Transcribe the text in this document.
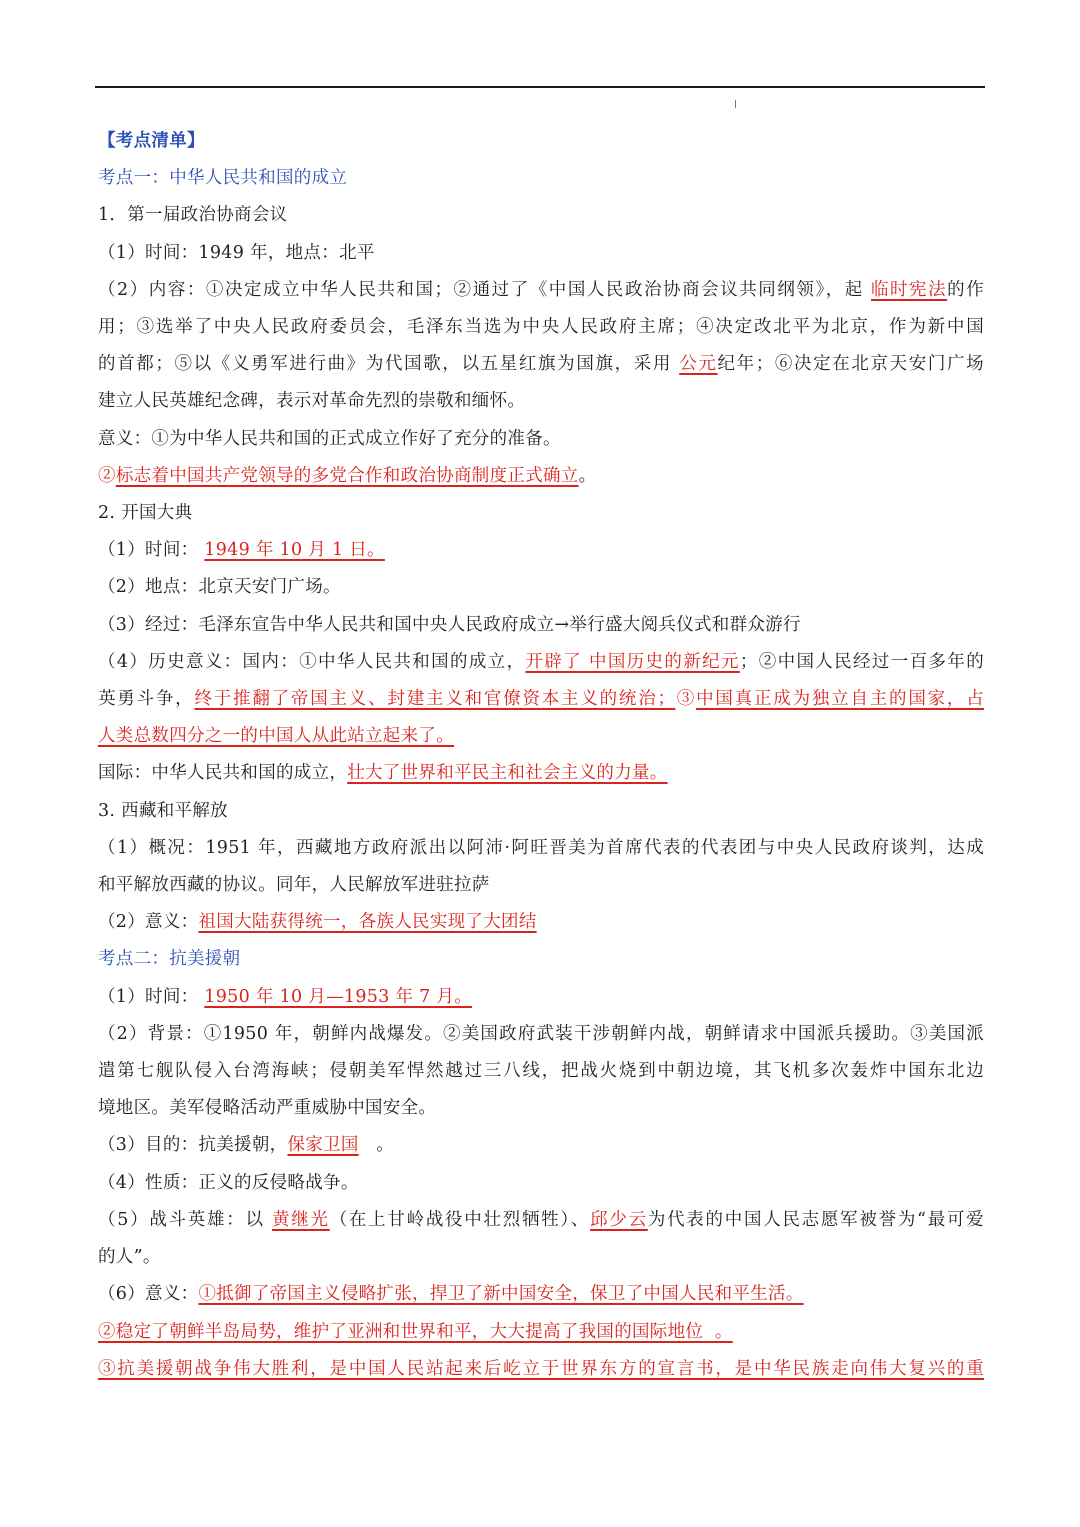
【考点清单】
考点一：中华人民共和国的成立
1．第一届政治协商会议
（1）时间：1949 年，地点：北平
（2）内容：①决定成立中华人民共和国；②通过了《中国人民政治协商会议共同纲领》，起 临时宪法的作
用；③选举了中央人民政府委员会，毛泽东当选为中央人民政府主席；④决定改北平为北京，作为新中国
的首都；⑤以《义勇军进行曲》为代国歌，以五星红旗为国旗，采用 公元纪年；⑥决定在北京天安门广场
建立人民英雄纪念碑，表示对革命先烈的崇敬和缅怀。
意义：①为中华人民共和国的正式成立作好了充分的准备。
②标志着中国共产党领导的多党合作和政治协商制度正式确立。
2. 开国大典
（1）时间： 1949 年 10 月 1 日。
（2）地点：北京天安门广场。
（3）经过：毛泽东宣告中华人民共和国中央人民政府成立→举行盛大阅兵仪式和群众游行
（4）历史意义：国内：①中华人民共和国的成立，开辟了 中国历史的新纪元；②中国人民经过一百多年的
英勇斗争，终于推翻了帝国主义、封建主义和官僚资本主义的统治；③中国真正成为独立自主的国家，占
人类总数四分之一的中国人从此站立起来了。
国际：中华人民共和国的成立，壮大了世界和平民主和社会主义的力量。
3. 西藏和平解放
（1）概况：1951 年，西藏地方政府派出以阿沛·阿旺晋美为首席代表的代表团与中央人民政府谈判，达成
和平解放西藏的协议。同年，人民解放军进驻拉萨
（2）意义：祖国大陆获得统一，各族人民实现了大团结
考点二：抗美援朝
（1）时间： 1950 年 10 月—1953 年 7 月。
（2）背景：①1950 年，朝鲜内战爆发。②美国政府武装干涉朝鲜内战，朝鲜请求中国派兵援助。③美国派
遣第七舰队侵入台湾海峡；侵朝美军悍然越过三八线，把战火烧到中朝边境，其飞机多次轰炸中国东北边
境地区。美军侵略活动严重威胁中国安全。
（3）目的：抗美援朝，保家卫国   。
（4）性质：正义的反侵略战争。
（5）战斗英雄：以 黄继光（在上甘岭战役中壮烈牺牲）、邱少云为代表的中国人民志愿军被誉为“最可爱
的人”。
（6）意义：①抵御了帝国主义侵略扩张，捍卫了新中国安全，保卫了中国人民和平生活。
②稳定了朝鲜半岛局势，维护了亚洲和世界和平，大大提高了我国的国际地位  。
③抗美援朝战争伟大胜利，是中国人民站起来后屹立于世界东方的宣言书，是中华民族走向伟大复兴的重
